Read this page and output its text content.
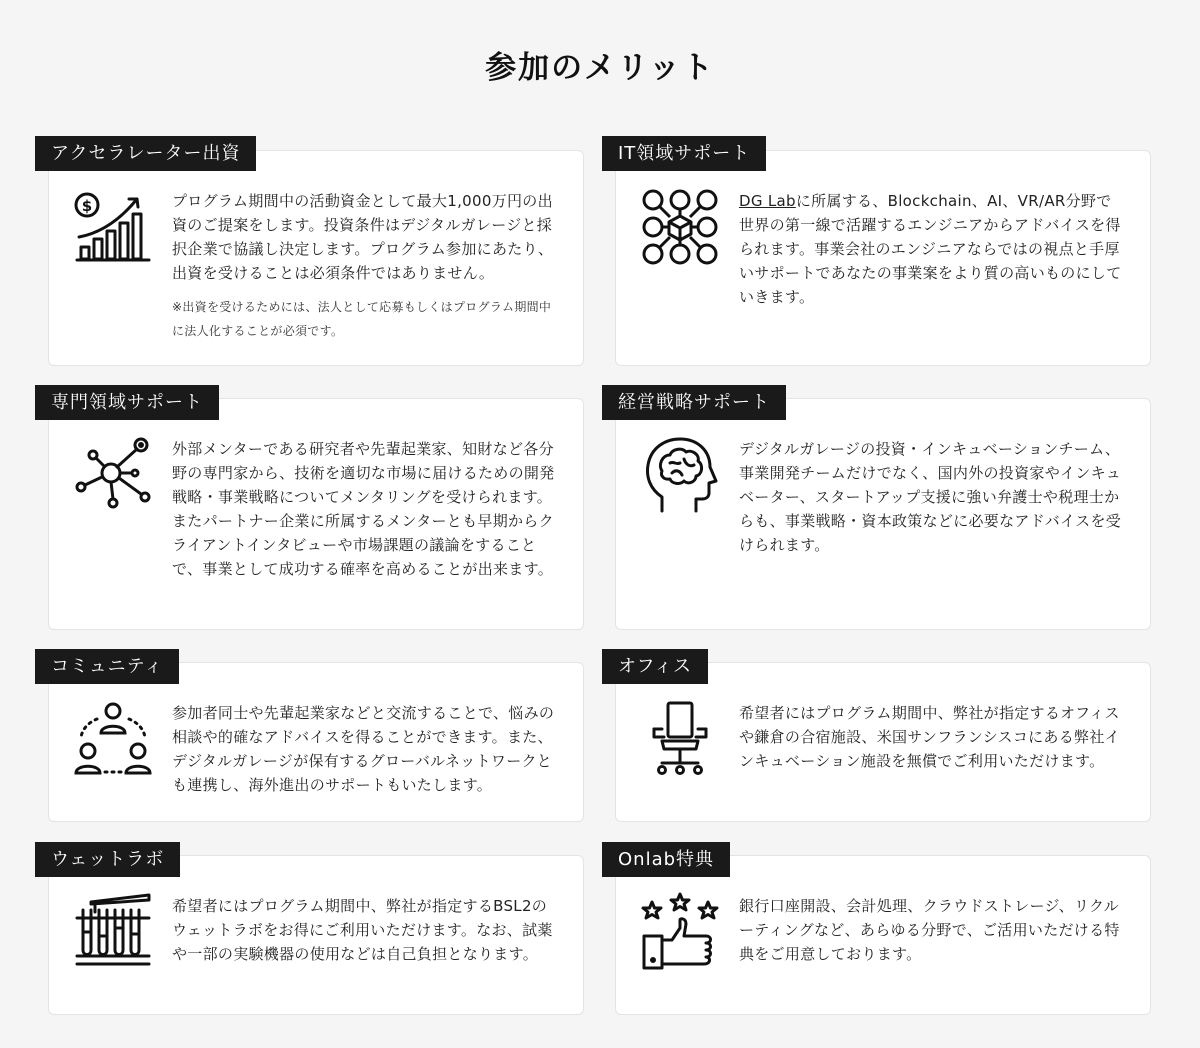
参加のメリット
$	プログラム期間中の活動資金として最大1,000万円の出資のご提案をします。投資条件はデジタルガレージと採択企業で協議し決定します。プログラム参加にあたり、出資を受けることは必須条件ではありません。
※出資を受けるためには、法人として応募もしくはプログラム期間中に法人化することが必須です。

アクセラレーター出資

DG Labに所属する、Blockchain、AI、VR/AR分野で世界の第一線で活躍するエンジニアからアドバイスを得られます。事業会社のエンジニアならではの視点と手厚いサポートであなたの事業案をより質の高いものにしていきます。

IT領域サポート

外部メンターである研究者や先輩起業家、知財など各分野の専門家から、技術を適切な市場に届けるための開発戦略・事業戦略についてメンタリングを受けられます。またパートナー企業に所属するメンターとも早期からクライアントインタビューや市場課題の議論をすることで、事業として成功する確率を高めることが出来ます。

専門領域サポート

デジタルガレージの投資・インキュベーションチーム、事業開発チームだけでなく、国内外の投資家やインキュベーター、スタートアップ支援に強い弁護士や税理士からも、事業戦略・資本政策などに必要なアドバイスを受けられます。

経営戦略サポート

参加者同士や先輩起業家などと交流することで、悩みの相談や的確なアドバイスを得ることができます。また、デジタルガレージが保有するグローバルネットワークとも連携し、海外進出のサポートもいたします。

コミュニティ

希望者にはプログラム期間中、弊社が指定するオフィスや鎌倉の合宿施設、米国サンフランシスコにある弊社インキュベーション施設を無償でご利用いただけます。

オフィス

希望者にはプログラム期間中、弊社が指定するBSL2のウェットラボをお得にご利用いただけます。なお、試薬や一部の実験機器の使用などは自己負担となります。

ウェットラボ

銀行口座開設、会計処理、クラウドストレージ、リクルーティングなど、あらゆる分野で、ご活用いただける特典をご用意しております。

Onlab特典
